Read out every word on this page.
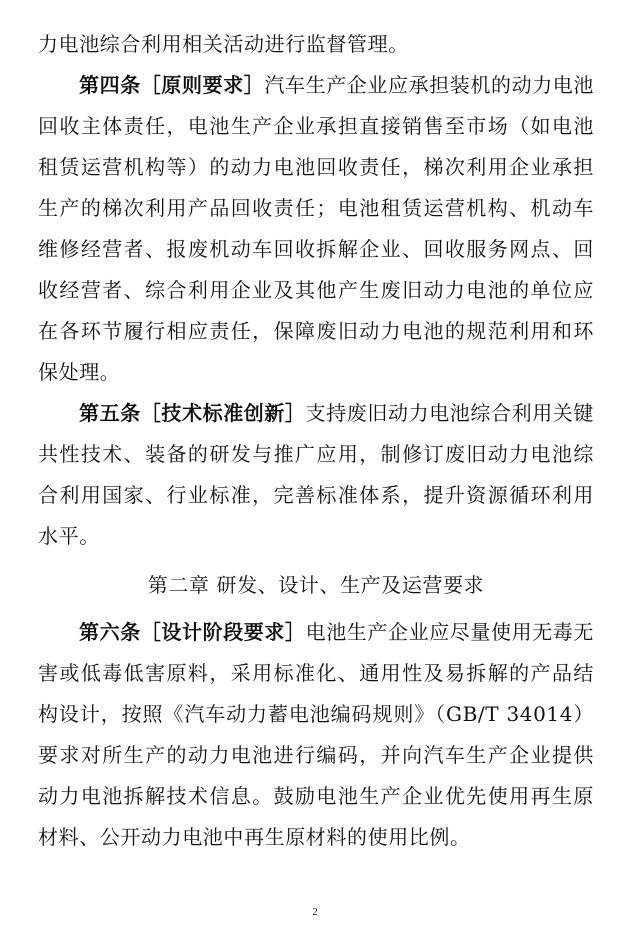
力电池综合利用相关活动进行监督管理。

第四条［原则要求］汽车生产企业应承担装机的动力电池回收主体责任，电池生产企业承担直接销售至市场（如电池租赁运营机构等）的动力电池回收责任，梯次利用企业承担生产的梯次利用产品回收责任；电池租赁运营机构、机动车维修经营者、报废机动车回收拆解企业、回收服务网点、回收经营者、综合利用企业及其他产生废旧动力电池的单位应在各环节履行相应责任，保障废旧动力电池的规范利用和环保处理。

第五条［技术标准创新］支持废旧动力电池综合利用关键共性技术、装备的研发与推广应用，制修订废旧动力电池综合利用国家、行业标准，完善标准体系，提升资源循环利用水平。

第二章 研发、设计、生产及运营要求

第六条［设计阶段要求］电池生产企业应尽量使用无毒无害或低毒低害原料，采用标准化、通用性及易拆解的产品结构设计，按照《汽车动力蓄电池编码规则》（GB/T 34014）要求对所生产的动力电池进行编码，并向汽车生产企业提供动力电池拆解技术信息。鼓励电池生产企业优先使用再生原材料、公开动力电池中再生原材料的使用比例。

2
